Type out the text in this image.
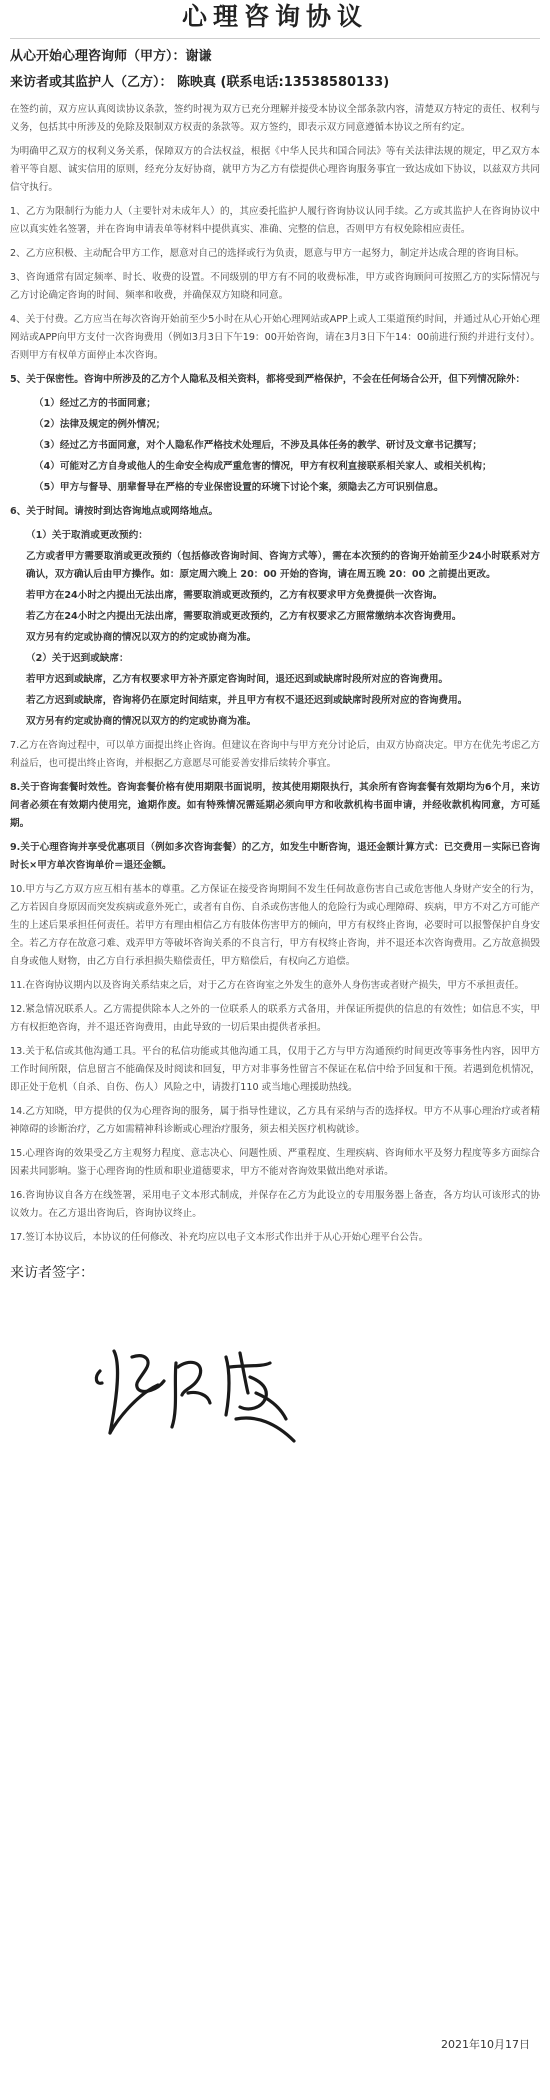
心理咨询协议
从心开始心理咨询师（甲方）：谢谦
来访者或其监护人（乙方）： 陈映真 (联系电话:13538580133)

在签约前，双方应认真阅读协议条款，签约时视为双方已充分理解并接受本协议全部条款内容，清楚双方特定的责任、权利与义务，包括其中所涉及的免除及限制双方权责的条款等。双方签约，即表示双方同意遵循本协议之所有约定。

为明确甲乙双方的权利义务关系，保障双方的合法权益，根据《中华人民共和国合同法》等有关法律法规的规定，甲乙双方本着平等自愿、诚实信用的原则，经充分友好协商，就甲方为乙方有偿提供心理咨询服务事宜一致达成如下协议，以兹双方共同信守执行。

1、乙方为限制行为能力人（主要针对未成年人）的，其应委托监护人履行咨询协议认同手续。乙方或其监护人在咨询协议中应以真实姓名签署，并在咨询申请表单等材料中提供真实、准确、完整的信息，否则甲方有权免除相应责任。

2、乙方应积极、主动配合甲方工作，愿意对自己的选择或行为负责，愿意与甲方一起努力，制定并达成合理的咨询目标。

3、咨询通常有固定频率、时长、收费的设置。不同级别的甲方有不同的收费标准，甲方或咨询顾问可按照乙方的实际情况与乙方讨论确定咨询的时间、频率和收费，并确保双方知晓和同意。

4、关于付费。乙方应当在每次咨询开始前至少5小时在从心开始心理网站或APP上或人工渠道预约时间，并通过从心开始心理网站或APP向甲方支付一次咨询费用（例如3月3日下午19：00开始咨询，请在3月3日下午14：00前进行预约并进行支付）。否则甲方有权单方面停止本次咨询。

5、关于保密性。咨询中所涉及的乙方个人隐私及相关资料，都将受到严格保护，不会在任何场合公开，但下列情况除外：

（1）经过乙方的书面同意；

（2）法律及规定的例外情况；

（3）经过乙方书面同意，对个人隐私作严格技术处理后，不涉及具体任务的教学、研讨及文章书记撰写；

（4）可能对乙方自身或他人的生命安全构成严重危害的情况，甲方有权利直接联系相关家人、或相关机构；

（5）甲方与督导、朋辈督导在严格的专业保密设置的环境下讨论个案，须隐去乙方可识别信息。

6、关于时间。请按时到达咨询地点或网络地点。

（1）关于取消或更改预约：

乙方或者甲方需要取消或更改预约（包括修改咨询时间、咨询方式等），需在本次预约的咨询开始前至少24小时联系对方确认，双方确认后由甲方操作。如：原定周六晚上 20：00 开始的咨询，请在周五晚 20：00 之前提出更改。

若甲方在24小时之内提出无法出席，需要取消或更改预约，乙方有权要求甲方免费提供一次咨询。

若乙方在24小时之内提出无法出席，需要取消或更改预约，乙方有权要求乙方照常缴纳本次咨询费用。

双方另有约定或协商的情况以双方的约定或协商为准。

（2）关于迟到或缺席：

若甲方迟到或缺席，乙方有权要求甲方补齐原定咨询时间，退还迟到或缺席时段所对应的咨询费用。

若乙方迟到或缺席，咨询将仍在原定时间结束，并且甲方有权不退还迟到或缺席时段所对应的咨询费用。

双方另有约定或协商的情况以双方的约定或协商为准。

7.乙方在咨询过程中，可以单方面提出终止咨询。但建议在咨询中与甲方充分讨论后，由双方协商决定。甲方在优先考虑乙方利益后，也可提出终止咨询，并根据乙方意愿尽可能妥善安排后续转介事宜。

8.关于咨询套餐时效性。咨询套餐价格有使用期限书面说明，按其使用期限执行，其余所有咨询套餐有效期均为6个月，来访问者必须在有效期内使用完，逾期作废。如有特殊情况需延期必须向甲方和收款机构书面申请，并经收款机构同意，方可延期。

9.关于心理咨询并享受优惠项目（例如多次咨询套餐）的乙方，如发生中断咨询，退还金额计算方式：已交费用－实际已咨询时长×甲方单次咨询单价＝退还金额。

10.甲方与乙方双方应互相有基本的尊重。乙方保证在接受咨询期间不发生任何故意伤害自己或危害他人身财产安全的行为，乙方若因自身原因而突发疾病或意外死亡，或者有自伤、自杀或伤害他人的危险行为或心理障碍、疾病，甲方不对乙方可能产生的上述后果承担任何责任。若甲方有理由相信乙方有肢体伤害甲方的倾向，甲方有权终止咨询，必要时可以报警保护自身安全。若乙方存在故意刁难、戏弄甲方等破坏咨询关系的不良言行，甲方有权终止咨询，并不退还本次咨询费用。乙方故意损毁自身或他人财物，由乙方自行承担损失赔偿责任，甲方赔偿后，有权向乙方追偿。

11.在咨询协议期内以及咨询关系结束之后，对于乙方在咨询室之外发生的意外人身伤害或者财产损失，甲方不承担责任。

12.紧急情况联系人。乙方需提供除本人之外的一位联系人的联系方式备用，并保证所提供的信息的有效性；如信息不实，甲方有权拒绝咨询，并不退还咨询费用，由此导致的一切后果由提供者承担。

13.关于私信或其他沟通工具。平台的私信功能或其他沟通工具，仅用于乙方与甲方沟通预约时间更改等事务性内容，因甲方工作时间所限，信息留言不能确保及时阅读和回复，甲方对非事务性留言不保证在私信中给予回复和干预。若遇到危机情况，即正处于危机（自杀、自伤、伤人）风险之中，请拨打110 或当地心理援助热线。

14.乙方知晓，甲方提供的仅为心理咨询的服务，属于指导性建议，乙方具有采纳与否的选择权。甲方不从事心理治疗或者精神障碍的诊断治疗，乙方如需精神科诊断或心理治疗服务，须去相关医疗机构就诊。

15.心理咨询的效果受乙方主观努力程度、意志决心、问题性质、严重程度、生理疾病、咨询师水平及努力程度等多方面综合因素共同影响。鉴于心理咨询的性质和职业道德要求，甲方不能对咨询效果做出绝对承诺。

16.咨询协议自各方在线签署，采用电子文本形式制成，并保存在乙方为此设立的专用服务器上备查，各方均认可该形式的协议效力。在乙方退出咨询后，咨询协议终止。

17.签订本协议后，本协议的任何修改、补充均应以电子文本形式作出并于从心开始心理平台公告。

来访者签字：
2021年10月17日
